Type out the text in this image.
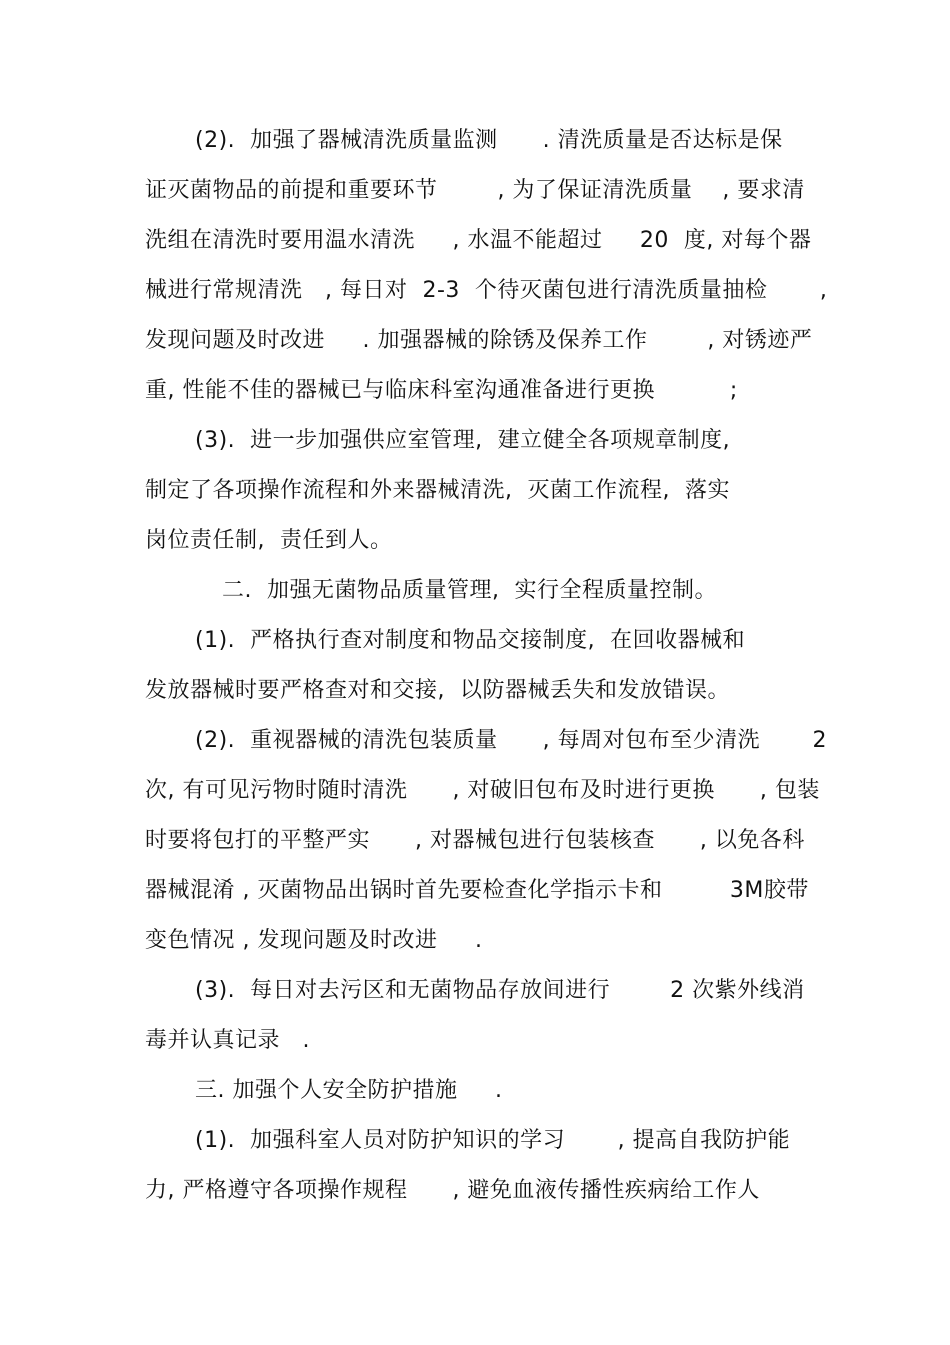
(2).  加强了器械清洗质量监测      . 清洗质量是否达标是保
证灭菌物品的前提和重要环节        , 为了保证清洗质量    , 要求清
洗组在清洗时要用温水清洗     , 水温不能超过     20  度, 对每个器
械进行常规清洗   , 每日对  2-3  个待灭菌包进行清洗质量抽检       ,
发现问题及时改进     . 加强器械的除锈及保养工作        , 对锈迹严
重, 性能不佳的器械已与临床科室沟通准备进行更换          ;
(3).  进一步加强供应室管理,  建立健全各项规章制度,
制定了各项操作流程和外来器械清洗,  灭菌工作流程,  落实
岗位责任制,  责任到人。
二.  加强无菌物品质量管理,  实行全程质量控制。
(1).  严格执行查对制度和物品交接制度,  在回收器械和
发放器械时要严格查对和交接,  以防器械丢失和发放错误。
(2).  重视器械的清洗包装质量      , 每周对包布至少清洗       2
次, 有可见污物时随时清洗      , 对破旧包布及时进行更换      , 包装
时要将包打的平整严实      , 对器械包进行包装核查      , 以免各科
器械混淆 , 灭菌物品出锅时首先要检查化学指示卡和         3M胶带
变色情况 , 发现问题及时改进     .
(3).  每日对去污区和无菌物品存放间进行        2 次紫外线消
毒并认真记录   .
三. 加强个人安全防护措施     .
(1).  加强科室人员对防护知识的学习       , 提高自我防护能
力, 严格遵守各项操作规程      , 避免血液传播性疾病给工作人
